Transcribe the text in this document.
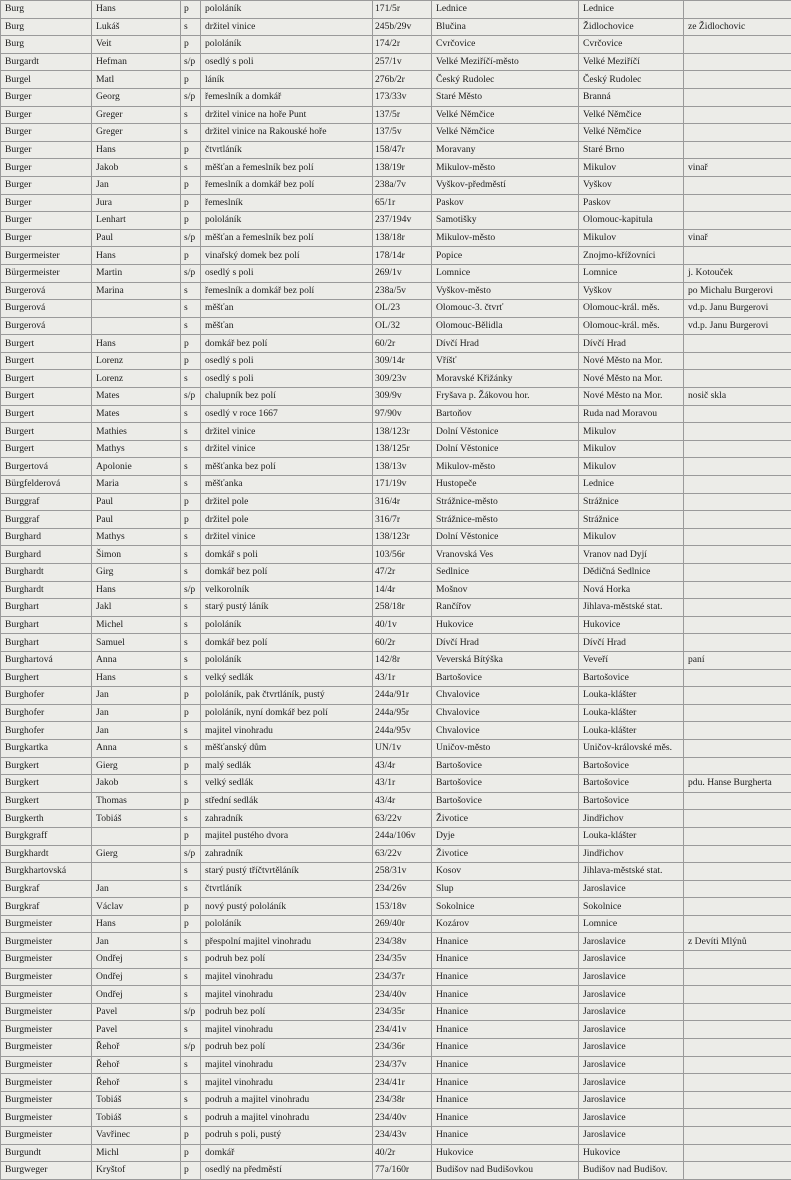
Burg	Hans	p	pololáník	171/5r	Lednice	Lednice	
Burg	Lukáš	s	držitel vinice	245b/29v	Blučina	Židlochovice	ze Židlochovic
Burg	Veit	p	pololáník	174/2r	Cvrčovice	Cvrčovice	
Burgardt	Hefman	s/p	osedlý s poli	257/1v	Velké Meziříčí-město	Velké Meziříčí	
Burgel	Matl	p	láník	276b/2r	Český Rudolec	Český Rudolec	
Burger	Georg	s/p	řemeslník a domkář	173/33v	Staré Město	Branná	
Burger	Greger	s	držitel vinice na hoře Punt	137/5r	Velké Němčice	Velké Němčice	
Burger	Greger	s	držitel vinice na Rakouské hoře	137/5v	Velké Němčice	Velké Němčice	
Burger	Hans	p	čtvrtláník	158/47r	Moravany	Staré Brno	
Burger	Jakob	s	měšťan a řemeslník bez polí	138/19r	Mikulov-město	Mikulov	vinař
Burger	Jan	p	řemeslník a domkář bez polí	238a/7v	Vyškov-předměstí	Vyškov	
Burger	Jura	p	řemeslník	65/1r	Paskov	Paskov	
Burger	Lenhart	p	pololáník	237/194v	Samotišky	Olomouc-kapitula	
Burger	Paul	s/p	měšťan a řemeslník bez polí	138/18r	Mikulov-město	Mikulov	vinař
Burgermeister	Hans	p	vinařský domek bez polí	178/14r	Popice	Znojmo-křížovníci	
Bürgermeister	Martin	s/p	osedlý s poli	269/1v	Lomnice	Lomnice	j. Kotouček
Burgerová	Marina	s	řemeslník a domkář bez polí	238a/5v	Vyškov-město	Vyškov	po Michalu Burgerovi
Burgerová		s	měšťan	OL/23	Olomouc-3. čtvrť	Olomouc-král. měs.	vd.p. Janu Burgerovi
Burgerová		s	měšťan	OL/32	Olomouc-Bělidla	Olomouc-král. měs.	vd.p. Janu Burgerovi
Burgert	Hans	p	domkář bez polí	60/2r	Dívčí Hrad	Dívčí Hrad	
Burgert	Lorenz	p	osedlý s poli	309/14r	Vříšť	Nové Město na Mor.	
Burgert	Lorenz	s	osedlý s poli	309/23v	Moravské Křižánky	Nové Město na Mor.	
Burgert	Mates	s/p	chalupník bez polí	309/9v	Fryšava p. Žákovou hor.	Nové Město na Mor.	nosič skla
Burgert	Mates	s	osedlý v roce 1667	97/90v	Bartoňov	Ruda nad Moravou	
Burgert	Mathies	s	držitel vinice	138/123r	Dolní Věstonice	Mikulov	
Burgert	Mathys	s	držitel vinice	138/125r	Dolní Věstonice	Mikulov	
Burgertová	Apolonie	s	měšťanka bez polí	138/13v	Mikulov-město	Mikulov	
Bürgfelderová	Maria	s	měšťanka	171/19v	Hustopeče	Lednice	
Burggraf	Paul	p	držitel pole	316/4r	Strážnice-město	Strážnice	
Burggraf	Paul	p	držitel pole	316/7r	Strážnice-město	Strážnice	
Burghard	Mathys	s	držitel vinice	138/123r	Dolní Věstonice	Mikulov	
Burghard	Šimon	s	domkář s poli	103/56r	Vranovská Ves	Vranov nad Dyjí	
Burghardt	Girg	s	domkář bez polí	47/2r	Sedlnice	Dědičná Sedlnice	
Burghardt	Hans	s/p	velkorolník	14/4r	Mošnov	Nová Horka	
Burghart	Jakl	s	starý pustý láník	258/18r	Rančířov	Jihlava-městské stat.	
Burghart	Michel	s	pololáník	40/1v	Hukovice	Hukovice	
Burghart	Samuel	s	domkář bez polí	60/2r	Dívčí Hrad	Dívčí Hrad	
Burghartová	Anna	s	pololáník	142/8r	Veverská Bítýška	Veveří	paní
Burghert	Hans	s	velký sedlák	43/1r	Bartošovice	Bartošovice	
Burghofer	Jan	p	pololáník, pak čtvrtláník, pustý	244a/91r	Chvalovice	Louka-klášter	
Burghofer	Jan	p	pololáník, nyní domkář bez polí	244a/95r	Chvalovice	Louka-klášter	
Burghofer	Jan	s	majitel vinohradu	244a/95v	Chvalovice	Louka-klášter	
Burgkartka	Anna	s	měšťanský dům	UN/1v	Uničov-město	Uničov-královské měs.	
Burgkert	Gierg	p	malý sedlák	43/4r	Bartošovice	Bartošovice	
Burgkert	Jakob	s	velký sedlák	43/1r	Bartošovice	Bartošovice	pdu. Hanse Burgherta
Burgkert	Thomas	p	střední sedlák	43/4r	Bartošovice	Bartošovice	
Burgkerth	Tobiáš	s	zahradník	63/22v	Životice	Jindřichov	
Burgkgraff		p	majitel pustého dvora	244a/106v	Dyje	Louka-klášter	
Burgkhardt	Gierg	s/p	zahradník	63/22v	Životice	Jindřichov	
Burgkhartovská		s	starý pustý tříčtvrtěláník	258/31v	Kosov	Jihlava-městské stat.	
Burgkraf	Jan	s	čtvrtláník	234/26v	Slup	Jaroslavice	
Burgkraf	Václav	p	nový pustý pololáník	153/18v	Sokolnice	Sokolnice	
Burgmeister	Hans	p	pololáník	269/40r	Kozárov	Lomnice	
Burgmeister	Jan	s	přespolní majitel vinohradu	234/38v	Hnanice	Jaroslavice	z Devíti Mlýnů
Burgmeister	Ondřej	s	podruh bez polí	234/35v	Hnanice	Jaroslavice	
Burgmeister	Ondřej	s	majitel vinohradu	234/37r	Hnanice	Jaroslavice	
Burgmeister	Ondřej	s	majitel vinohradu	234/40v	Hnanice	Jaroslavice	
Burgmeister	Pavel	s/p	podruh bez polí	234/35r	Hnanice	Jaroslavice	
Burgmeister	Pavel	s	majitel vinohradu	234/41v	Hnanice	Jaroslavice	
Burgmeister	Řehoř	s/p	podruh bez polí	234/36r	Hnanice	Jaroslavice	
Burgmeister	Řehoř	s	majitel vinohradu	234/37v	Hnanice	Jaroslavice	
Burgmeister	Řehoř	s	majitel vinohradu	234/41r	Hnanice	Jaroslavice	
Burgmeister	Tobiáš	s	podruh a majitel vinohradu	234/38r	Hnanice	Jaroslavice	
Burgmeister	Tobiáš	s	podruh a majitel vinohradu	234/40v	Hnanice	Jaroslavice	
Burgmeister	Vavřinec	p	podruh s poli, pustý	234/43v	Hnanice	Jaroslavice	
Burgundt	Michl	p	domkář	40/2r	Hukovice	Hukovice	
Burgweger	Kryštof	p	osedlý na předměstí	77a/160r	Budišov nad Budišovkou	Budišov nad Budišov.	
